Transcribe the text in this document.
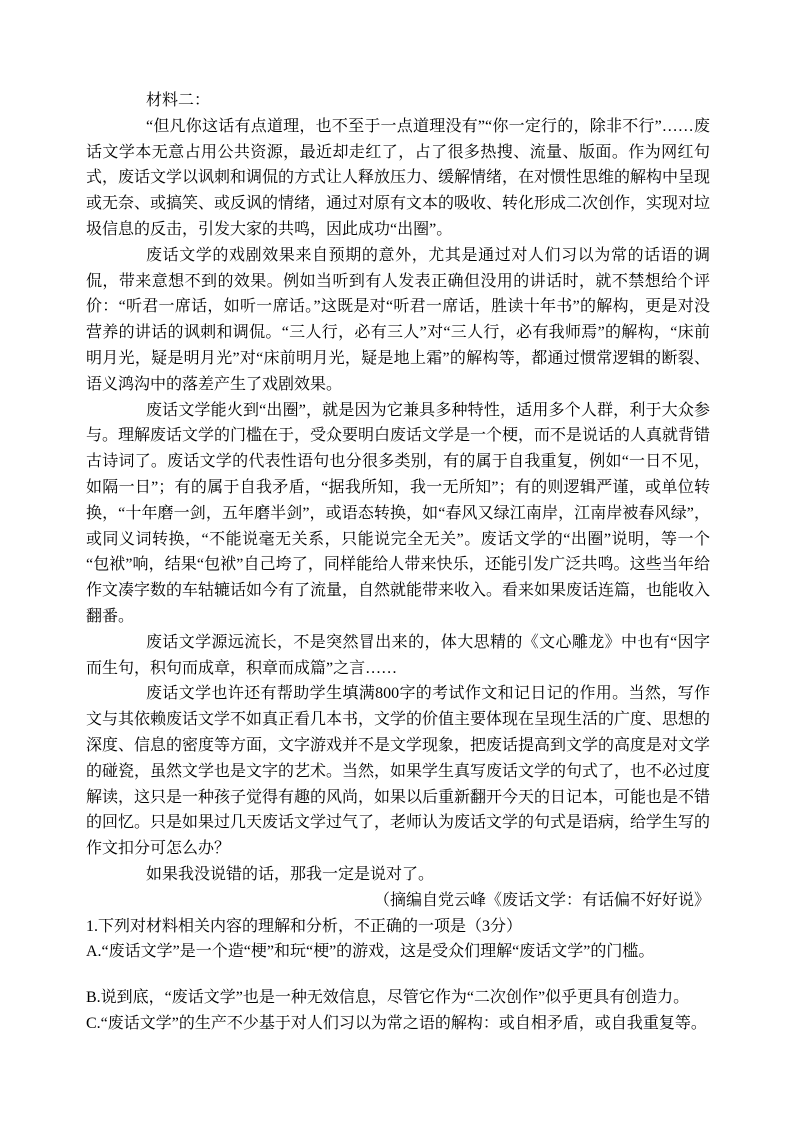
材料二：

“但凡你这话有点道理，也不至于一点道理没有”“你一定行的，除非不行”……废话文学本无意占用公共资源，最近却走红了，占了很多热搜、流量、版面。作为网红句式，废话文学以讽刺和调侃的方式让人释放压力、缓解情绪，在对惯性思维的解构中呈现或无奈、或搞笑、或反讽的情绪，通过对原有文本的吸收、转化形成二次创作，实现对垃圾信息的反击，引发大家的共鸣，因此成功“出圈”。

废话文学的戏剧效果来自预期的意外，尤其是通过对人们习以为常的话语的调侃，带来意想不到的效果。例如当听到有人发表正确但没用的讲话时，就不禁想给个评价：“听君一席话，如听一席话。”这既是对“听君一席话，胜读十年书”的解构，更是对没营养的讲话的讽刺和调侃。“三人行，必有三人”对“三人行，必有我师焉”的解构，“床前明月光，疑是明月光”对“床前明月光，疑是地上霜”的解构等，都通过惯常逻辑的断裂、语义鸿沟中的落差产生了戏剧效果。

废话文学能火到“出圈”，就是因为它兼具多种特性，适用多个人群，利于大众参与。理解废话文学的门槛在于，受众要明白废话文学是一个梗，而不是说话的人真就背错古诗词了。废话文学的代表性语句也分很多类别，有的属于自我重复，例如“一日不见，如隔一日”；有的属于自我矛盾，“据我所知，我一无所知”；有的则逻辑严谨，或单位转换，“十年磨一剑，五年磨半剑”，或语态转换，如“春风又绿江南岸，江南岸被春风绿”，或同义词转换，“不能说毫无关系，只能说完全无关”。废话文学的“出圈”说明，等一个“包袱”响，结果“包袱”自己垮了，同样能给人带来快乐，还能引发广泛共鸣。这些当年给作文凑字数的车轱辘话如今有了流量，自然就能带来收入。看来如果废话连篇，也能收入翻番。

废话文学源远流长，不是突然冒出来的，体大思精的《文心雕龙》中也有“因字而生句，积句而成章，积章而成篇”之言……

废话文学也许还有帮助学生填满800字的考试作文和记日记的作用。当然，写作文与其依赖废话文学不如真正看几本书，文学的价值主要体现在呈现生活的广度、思想的深度、信息的密度等方面，文字游戏并不是文学现象，把废话提高到文学的高度是对文学的碰瓷，虽然文学也是文字的艺术。当然，如果学生真写废话文学的句式了，也不必过度解读，这只是一种孩子觉得有趣的风尚，如果以后重新翻开今天的日记本，可能也是不错的回忆。只是如果过几天废话文学过气了，老师认为废话文学的句式是语病，给学生写的作文扣分可怎么办？

如果我没说错的话，那我一定是说对了。

（摘编自党云峰《废话文学：有话偏不好好说》

1.下列对材料相关内容的理解和分析，不正确的一项是（3分）

A.“废话文学”是一个造“梗”和玩“梗”的游戏，这是受众们理解“废话文学”的门槛。

B.说到底，“废话文学”也是一种无效信息，尽管它作为“二次创作”似乎更具有创造力。

C.“废话文学”的生产不少基于对人们习以为常之语的解构：或自相矛盾，或自我重复等。
